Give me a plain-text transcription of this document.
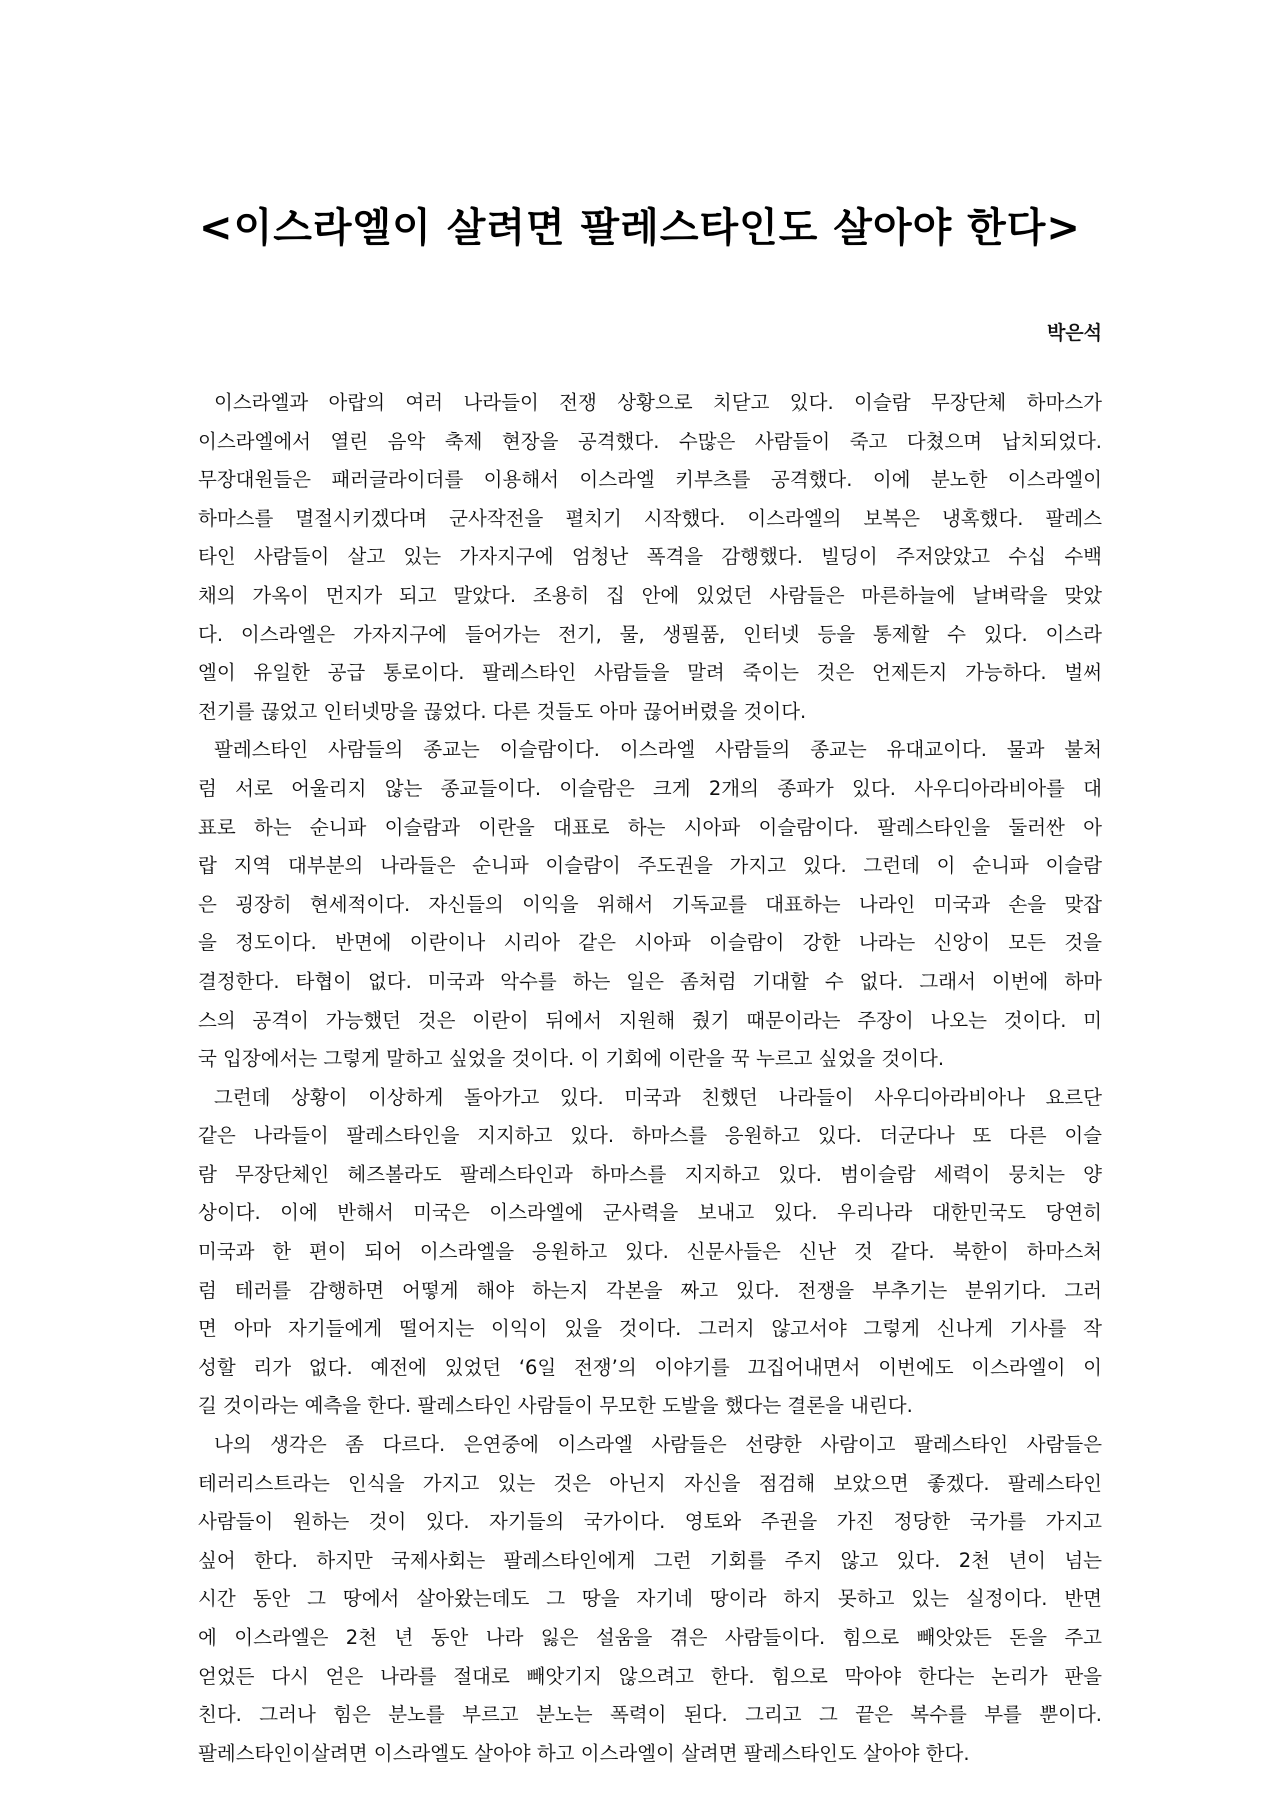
<이스라엘이 살려면 팔레스타인도 살아야 한다>
박은석
이스라엘과 아랍의 여러 나라들이 전쟁 상황으로 치닫고 있다. 이슬람 무장단체 하마스가
이스라엘에서 열린 음악 축제 현장을 공격했다. 수많은 사람들이 죽고 다쳤으며 납치되었다.
무장대원들은 패러글라이더를 이용해서 이스라엘 키부츠를 공격했다. 이에 분노한 이스라엘이
하마스를 멸절시키겠다며 군사작전을 펼치기 시작했다. 이스라엘의 보복은 냉혹했다. 팔레스
타인 사람들이 살고 있는 가자지구에 엄청난 폭격을 감행했다. 빌딩이 주저앉았고 수십 수백
채의 가옥이 먼지가 되고 말았다. 조용히 집 안에 있었던 사람들은 마른하늘에 날벼락을 맞았
다. 이스라엘은 가자지구에 들어가는 전기, 물, 생필품, 인터넷 등을 통제할 수 있다. 이스라
엘이 유일한 공급 통로이다. 팔레스타인 사람들을 말려 죽이는 것은 언제든지 가능하다. 벌써
전기를 끊었고 인터넷망을 끊었다. 다른 것들도 아마 끊어버렸을 것이다.
팔레스타인 사람들의 종교는 이슬람이다. 이스라엘 사람들의 종교는 유대교이다. 물과 불처
럼 서로 어울리지 않는 종교들이다. 이슬람은 크게 2개의 종파가 있다. 사우디아라비아를 대
표로 하는 순니파 이슬람과 이란을 대표로 하는 시아파 이슬람이다. 팔레스타인을 둘러싼 아
랍 지역 대부분의 나라들은 순니파 이슬람이 주도권을 가지고 있다. 그런데 이 순니파 이슬람
은 굉장히 현세적이다. 자신들의 이익을 위해서 기독교를 대표하는 나라인 미국과 손을 맞잡
을 정도이다. 반면에 이란이나 시리아 같은 시아파 이슬람이 강한 나라는 신앙이 모든 것을
결정한다. 타협이 없다. 미국과 악수를 하는 일은 좀처럼 기대할 수 없다. 그래서 이번에 하마
스의 공격이 가능했던 것은 이란이 뒤에서 지원해 줬기 때문이라는 주장이 나오는 것이다. 미
국 입장에서는 그렇게 말하고 싶었을 것이다. 이 기회에 이란을 꾹 누르고 싶었을 것이다.
그런데 상황이 이상하게 돌아가고 있다. 미국과 친했던 나라들이 사우디아라비아나 요르단
같은 나라들이 팔레스타인을 지지하고 있다. 하마스를 응원하고 있다. 더군다나 또 다른 이슬
람 무장단체인 헤즈볼라도 팔레스타인과 하마스를 지지하고 있다. 범이슬람 세력이 뭉치는 양
상이다. 이에 반해서 미국은 이스라엘에 군사력을 보내고 있다. 우리나라 대한민국도 당연히
미국과 한 편이 되어 이스라엘을 응원하고 있다. 신문사들은 신난 것 같다. 북한이 하마스처
럼 테러를 감행하면 어떻게 해야 하는지 각본을 짜고 있다. 전쟁을 부추기는 분위기다. 그러
면 아마 자기들에게 떨어지는 이익이 있을 것이다. 그러지 않고서야 그렇게 신나게 기사를 작
성할 리가 없다. 예전에 있었던 ‘6일 전쟁’의 이야기를 끄집어내면서 이번에도 이스라엘이 이
길 것이라는 예측을 한다. 팔레스타인 사람들이 무모한 도발을 했다는 결론을 내린다.
나의 생각은 좀 다르다. 은연중에 이스라엘 사람들은 선량한 사람이고 팔레스타인 사람들은
테러리스트라는 인식을 가지고 있는 것은 아닌지 자신을 점검해 보았으면 좋겠다. 팔레스타인
사람들이 원하는 것이 있다. 자기들의 국가이다. 영토와 주권을 가진 정당한 국가를 가지고
싶어 한다. 하지만 국제사회는 팔레스타인에게 그런 기회를 주지 않고 있다. 2천 년이 넘는
시간 동안 그 땅에서 살아왔는데도 그 땅을 자기네 땅이라 하지 못하고 있는 실정이다. 반면
에 이스라엘은 2천 년 동안 나라 잃은 설움을 겪은 사람들이다. 힘으로 빼앗았든 돈을 주고
얻었든 다시 얻은 나라를 절대로 빼앗기지 않으려고 한다. 힘으로 막아야 한다는 논리가 판을
친다. 그러나 힘은 분노를 부르고 분노는 폭력이 된다. 그리고 그 끝은 복수를 부를 뿐이다.
팔레스타인이살려면 이스라엘도 살아야 하고 이스라엘이 살려면 팔레스타인도 살아야 한다.
